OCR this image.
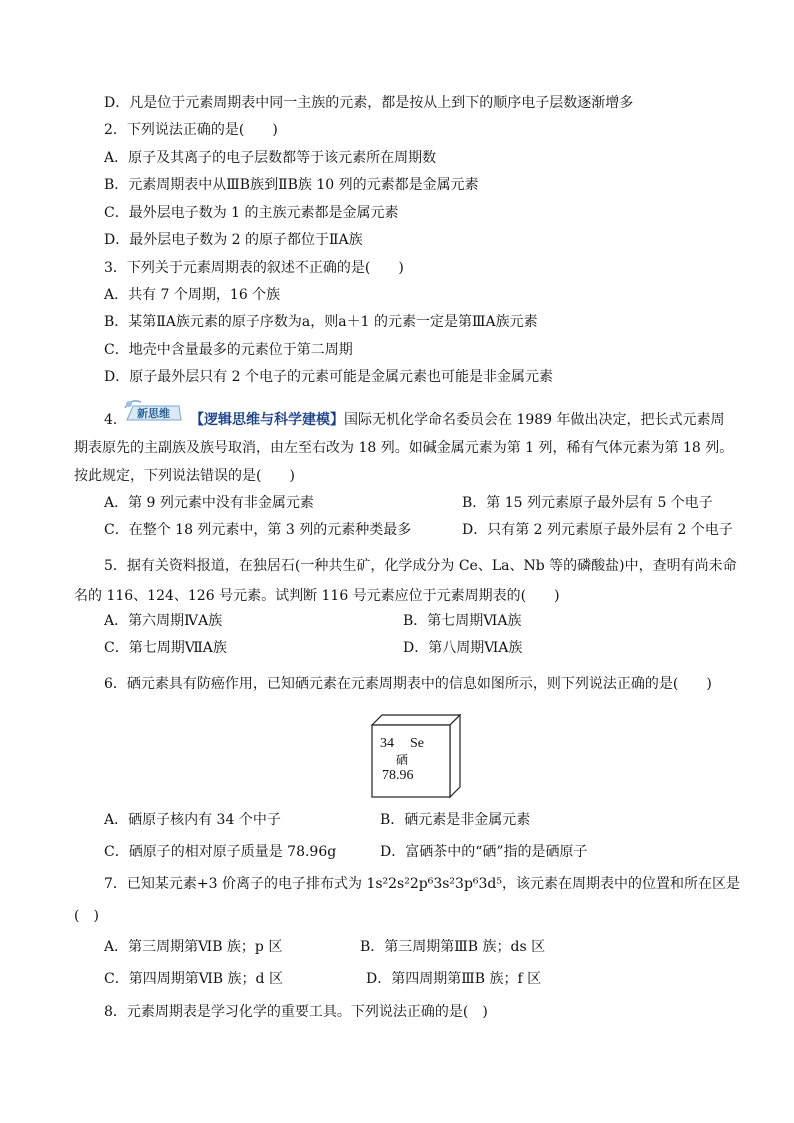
D．凡是位于元素周期表中同一主族的元素，都是按从上到下的顺序电子层数逐渐增多
2．下列说法正确的是(　　)
A．原子及其离子的电子层数都等于该元素所在周期数
B．元素周期表中从ⅢB族到ⅡB族 10 列的元素都是金属元素
C．最外层电子数为 1 的主族元素都是金属元素
D．最外层电子数为 2 的原子都位于ⅡA族
3．下列关于元素周期表的叙述不正确的是(　　)
A．共有 7 个周期，16 个族
B．某第ⅡA族元素的原子序数为a，则a＋1 的元素一定是第ⅢA族元素
C．地壳中含量最多的元素位于第二周期
D．原子最外层只有 2 个电子的元素可能是金属元素也可能是非金属元素
4． 新思维 【逻辑思维与科学建模】国际无机化学命名委员会在 1989 年做出决定，把长式元素周
期表原先的主副族及族号取消，由左至右改为 18 列。如碱金属元素为第 1 列，稀有气体元素为第 18 列。
按此规定，下列说法错误的是(　　)
A．第 9 列元素中没有非金属元素	B．第 15 列元素原子最外层有 5 个电子
C．在整个 18 列元素中，第 3 列的元素种类最多	D．只有第 2 列元素原子最外层有 2 个电子
5．据有关资料报道，在独居石(一种共生矿，化学成分为 Ce、La、Nb 等的磷酸盐)中，查明有尚未命
名的 116、124、126 号元素。试判断 116 号元素应位于元素周期表的(　　)
A．第六周期ⅣA族	B．第七周期ⅥA族
C．第七周期ⅦA族	D．第八周期ⅥA族
6．硒元素具有防癌作用，已知硒元素在元素周期表中的信息如图所示，则下列说法正确的是(　　)
34 Se
硒
78.96
A．硒原子核内有 34 个中子	B．硒元素是非金属元素
C．硒原子的相对原子质量是 78.96g	D．富硒茶中的“硒”指的是硒原子
7．已知某元素+3 价离子的电子排布式为 1s²2s²2p⁶3s²3p⁶3d⁵，该元素在周期表中的位置和所在区是
(　)
A．第三周期第ⅥB 族；p 区	B．第三周期第ⅢB 族；ds 区
C．第四周期第ⅥB 族；d 区	D．第四周期第ⅢB 族；f 区
8．元素周期表是学习化学的重要工具。下列说法正确的是(　)
